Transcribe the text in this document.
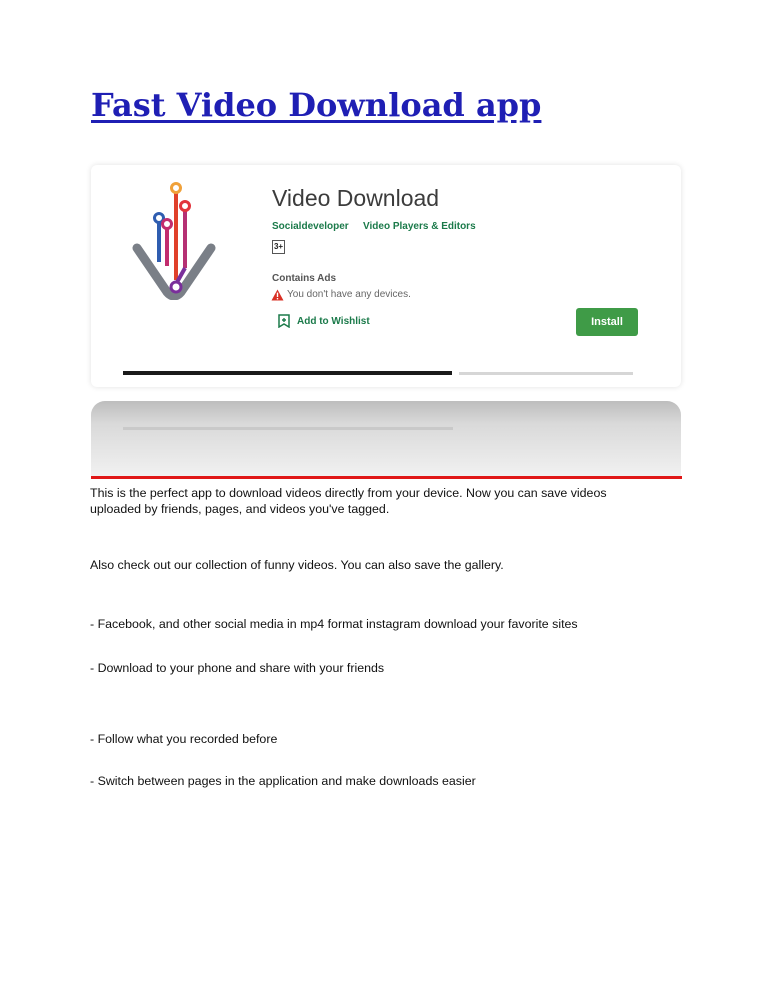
Fast Video Download app
Video Download
Socialdeveloper Video Players & Editors
3+
Contains Ads
You don't have any devices.
Add to Wishlist	Install

This is the perfect app to download videos directly from your device. Now you can save videos

uploaded by friends, pages, and videos you've tagged.

Also check out our collection of funny videos. You can also save the gallery.

- Facebook, and other social media in mp4 format instagram download your favorite sites

- Download to your phone and share with your friends

- Follow what you recorded before

- Switch between pages in the application and make downloads easier
